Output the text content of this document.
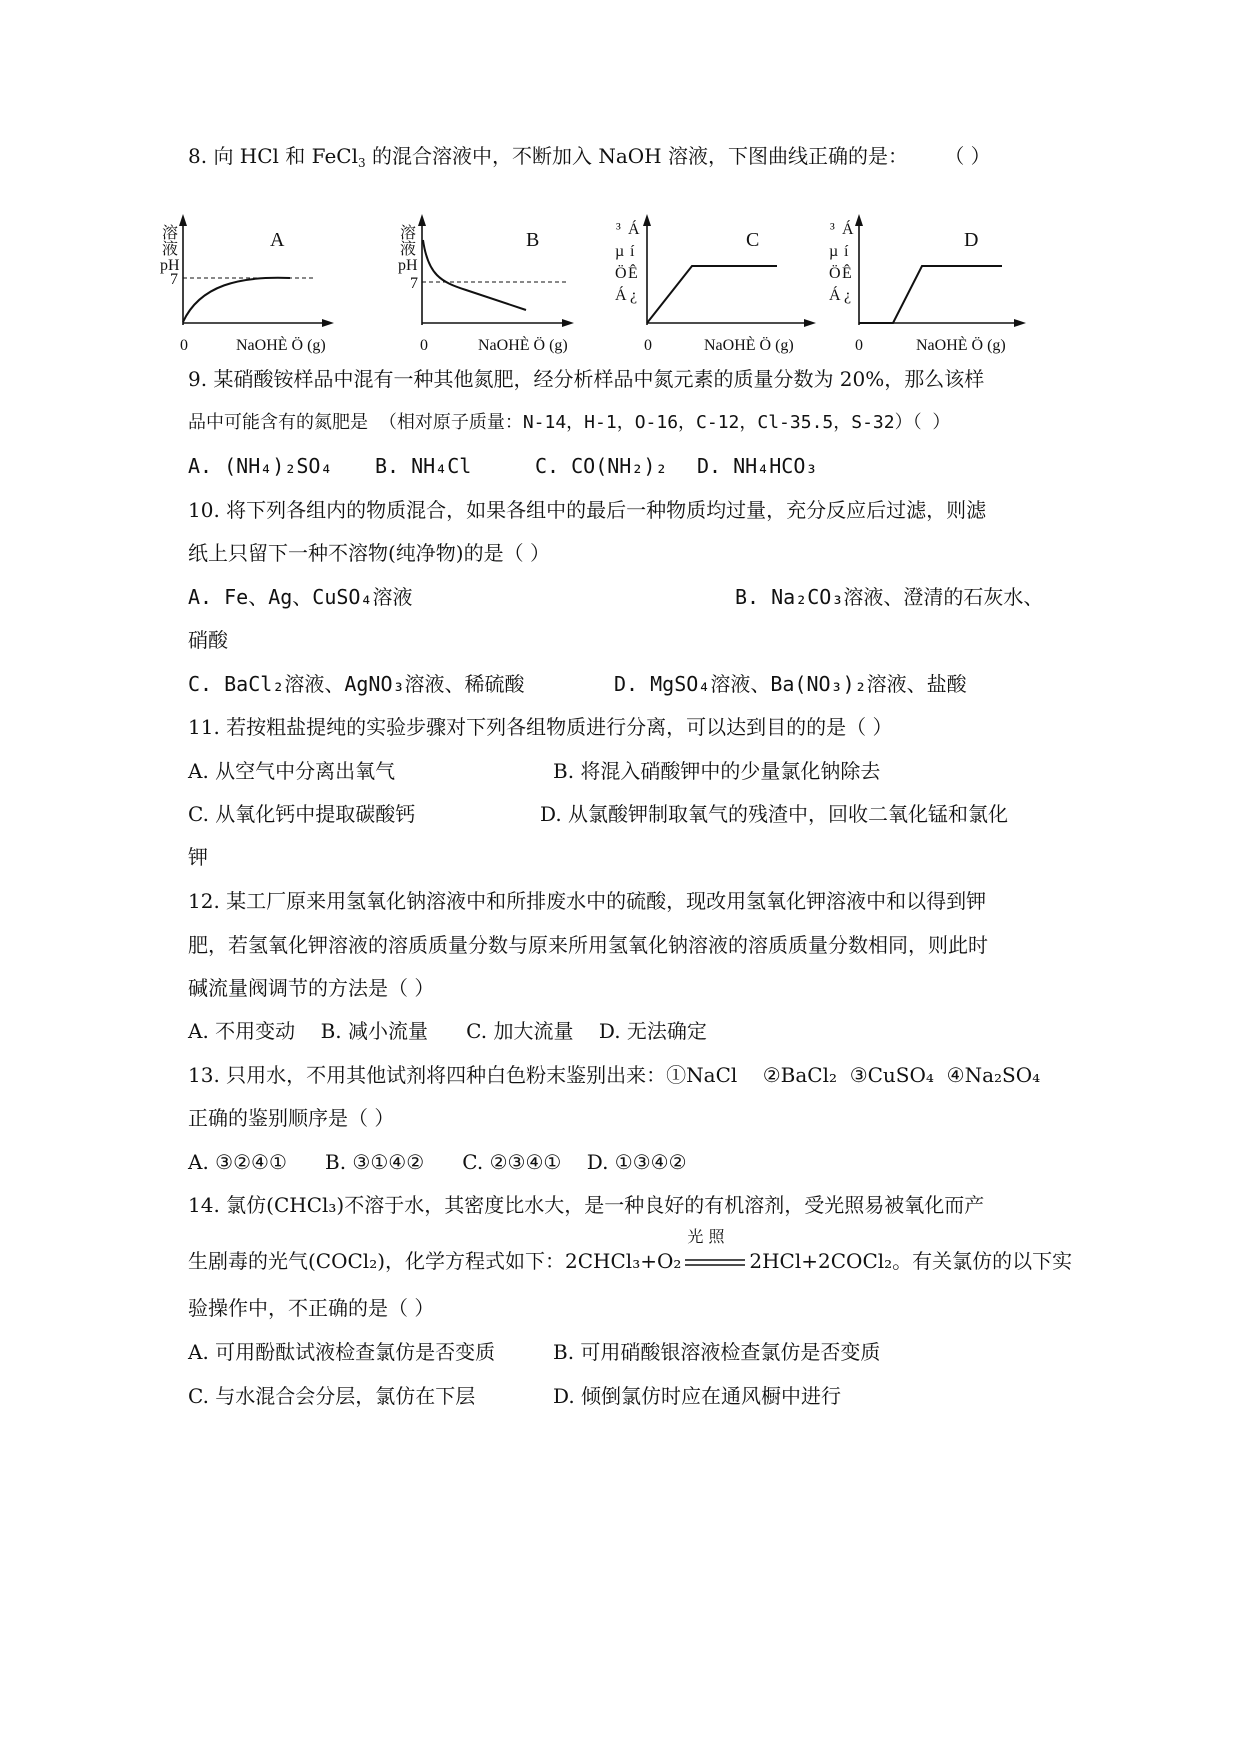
8. 向 HCl 和 FeCl$_3$ 的混合溶液中，不断加入 NaOH 溶液，下图曲线正确的是： （ ）
溶
液
pH
7
A
0	NaOHÈ Ö (g)
溶
液
pH
7
B
0	NaOHÈ Ö (g)
³
µ
Ö
Á
Á
í
Ê
¿
C
0	NaOHÈ Ö (g)
³
µ
Ö
Á
Á
í
Ê
¿
D
0	NaOHÈ Ö (g)
9. 某硝酸铵样品中混有一种其他氮肥，经分析样品中氮元素的质量分数为 20%，那么该样
品中可能含有的氮肥是 （相对原子质量：N-14，H-1，O-16，C-12，Cl-35.5，S-32）（ ）
A. (NH₄)₂SO₄ B. NH₄Cl	C. CO(NH₂)₂ D. NH₄HCO₃
10. 将下列各组内的物质混合，如果各组中的最后一种物质均过量，充分反应后过滤，则滤
纸上只留下一种不溶物(纯净物)的是（ ）
A. Fe、Ag、CuSO₄溶液	B. Na₂CO₃溶液、澄清的石灰水、
硝酸
C. BaCl₂溶液、AgNO₃溶液、稀硫酸	D. MgSO₄溶液、Ba(NO₃)₂溶液、盐酸
11. 若按粗盐提纯的实验步骤对下列各组物质进行分离，可以达到目的的是（ ）
A. 从空气中分离出氧气	B. 将混入硝酸钾中的少量氯化钠除去
C. 从氧化钙中提取碳酸钙	D. 从氯酸钾制取氧气的残渣中，回收二氧化锰和氯化
钾
12. 某工厂原来用氢氧化钠溶液中和所排废水中的硫酸，现改用氢氧化钾溶液中和以得到钾
肥，若氢氧化钾溶液的溶质质量分数与原来所用氢氧化钠溶液的溶质质量分数相同，则此时
碱流量阀调节的方法是（ ）
A. 不用变动    B. 减小流量      C. 加大流量    D. 无法确定
13. 只用水，不用其他试剂将四种白色粉末鉴别出来：①NaCl    ②BaCl₂  ③CuSO₄  ④Na₂SO₄
正确的鉴别顺序是（ ）
A. ③②④①      B. ③①④②      C. ②③④①    D. ①③④②
14. 氯仿(CHCl₃)不溶于水，其密度比水大，是一种良好的有机溶剂，受光照易被氧化而产
生剧毒的光气(COCl₂)，化学方程式如下：2CHCl₃+O₂
光 照
2HCl+2COCl₂。有关氯仿的以下实
验操作中，不正确的是（ ）
A. 可用酚酞试液检查氯仿是否变质	B. 可用硝酸银溶液检查氯仿是否变质
C. 与水混合会分层，氯仿在下层	D. 倾倒氯仿时应在通风橱中进行
